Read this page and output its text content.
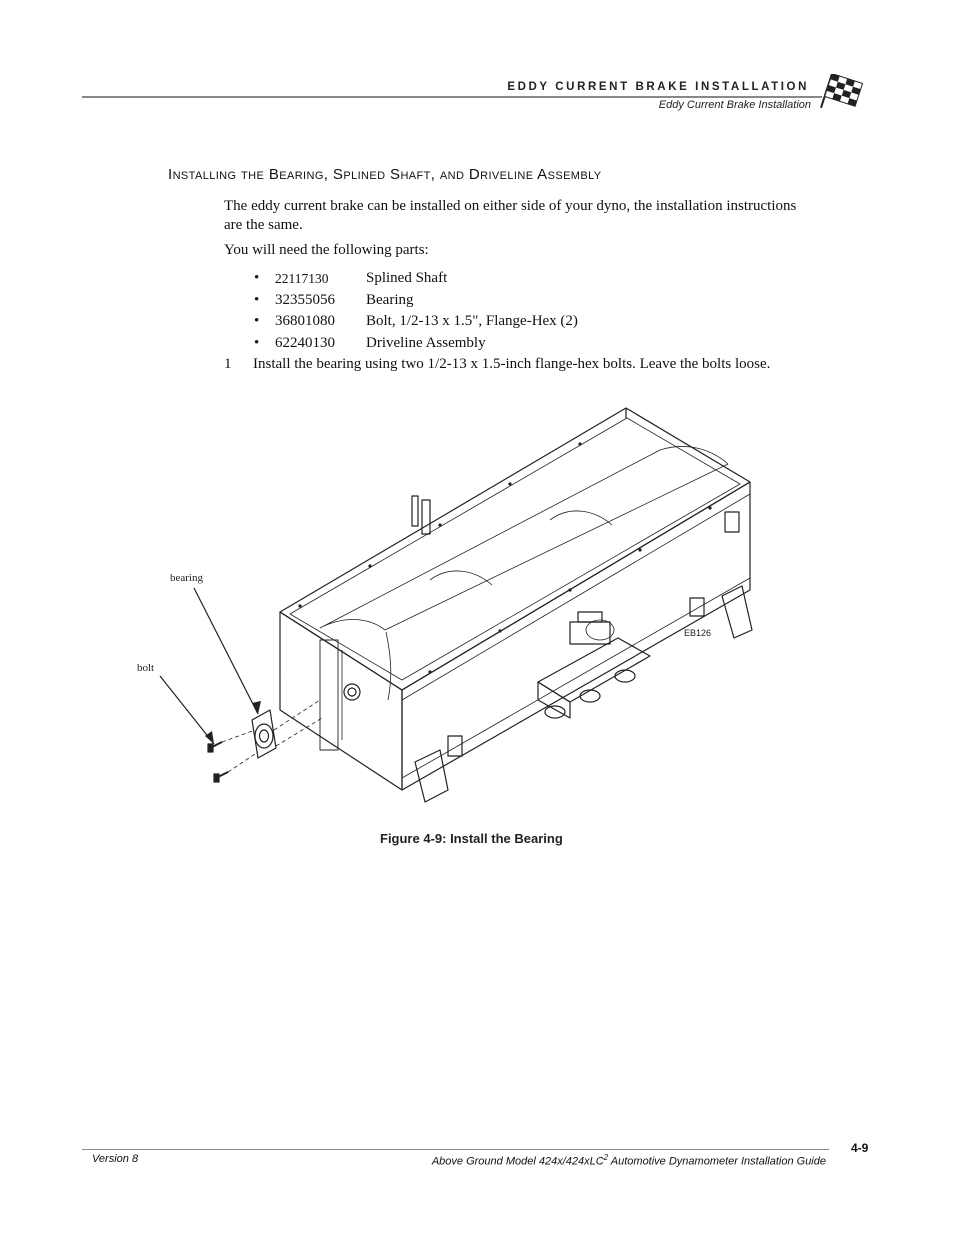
EDDY CURRENT BRAKE INSTALLATION
Eddy Current Brake Installation
Installing the Bearing, Splined Shaft, and Driveline Assembly
The eddy current brake can be installed on either side of your dyno, the installation instructions are the same.
You will need the following parts:
• 22117130	Splined Shaft
• 32355056 Bearing
• 36801080 Bolt, 1/2-13 x 1.5", Flange-Hex (2)
• 62240130 Driveline Assembly
1 Install the bearing using two 1/2-13 x 1.5-inch flange-hex bolts. Leave the bolts loose.
bearing
bolt
EB126
Figure 4-9: Install the Bearing
4-9
Version 8	Above Ground Model 424x/424xLC$^2$ Automotive Dynamometer Installation Guide
